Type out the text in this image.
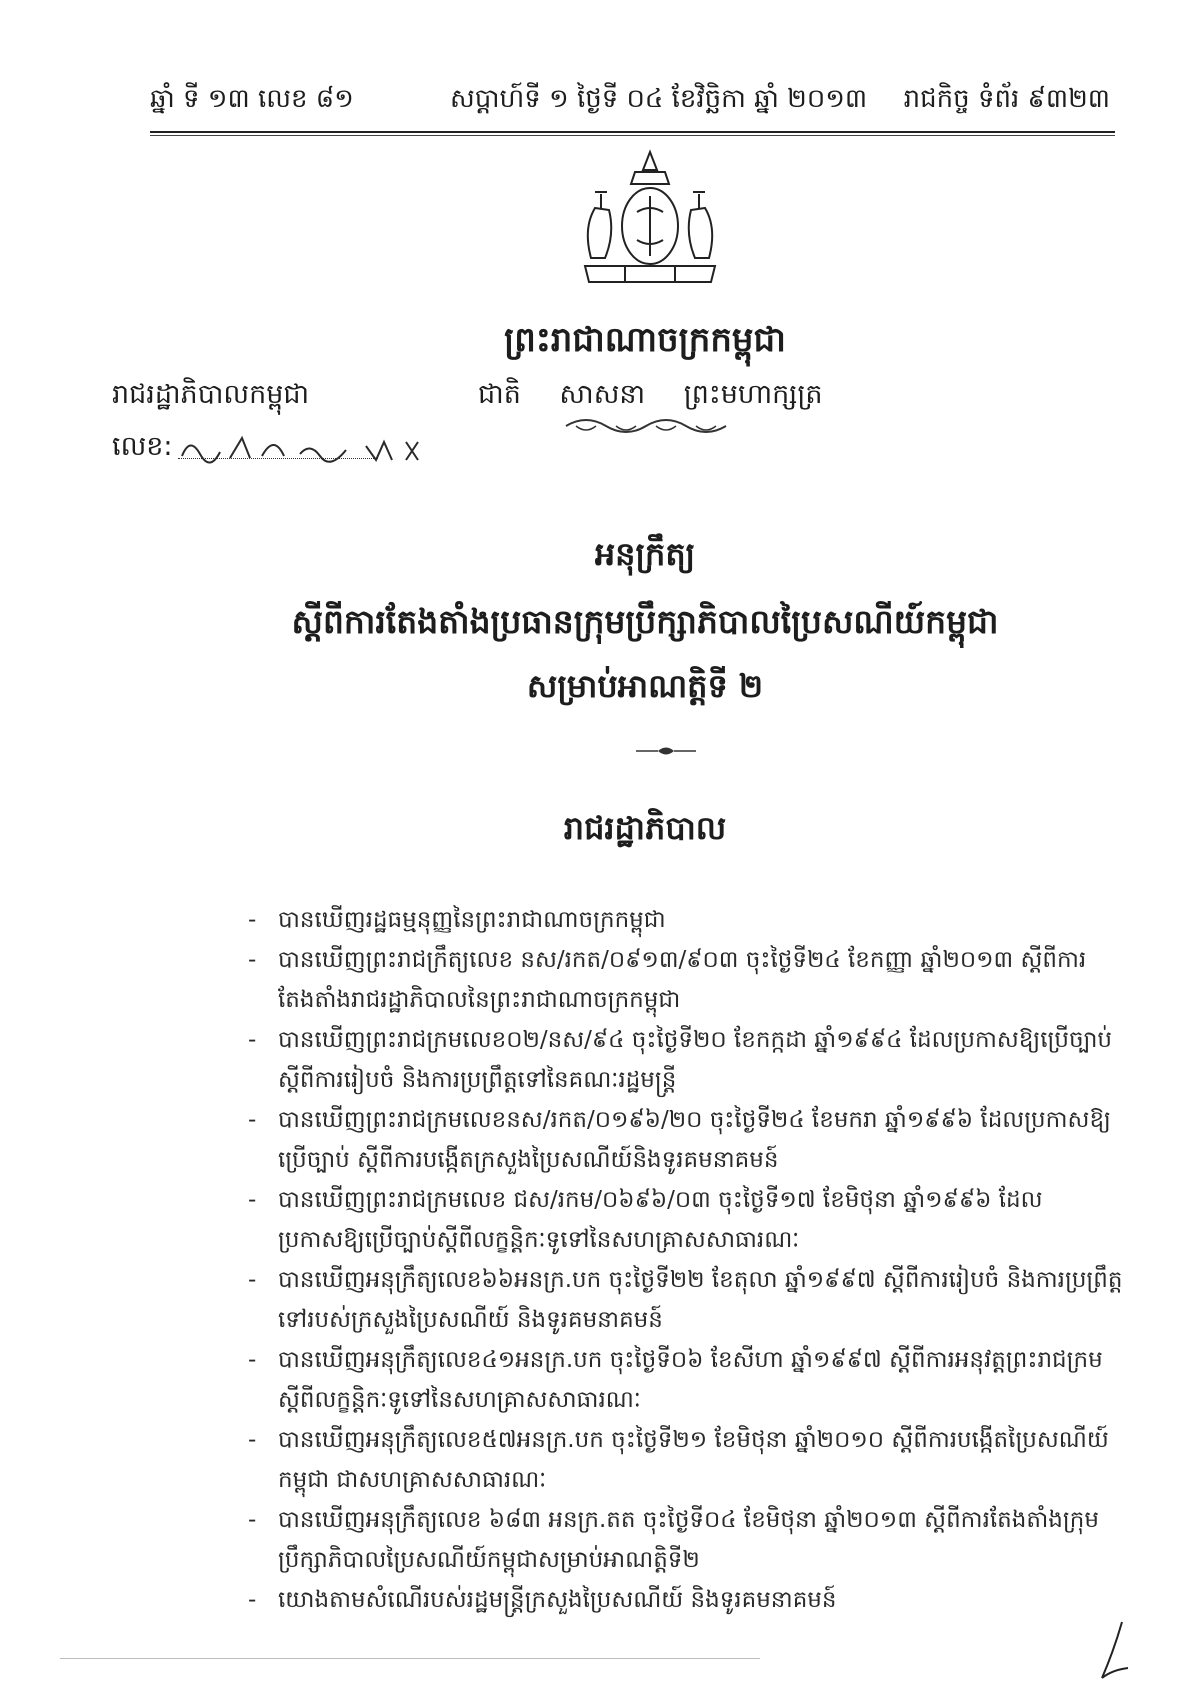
ឆ្នាំ ទី ១៣ លេខ ៨១	សប្តាហ៍ទី ១ ថ្ងៃទី ០៤ ខែវិច្ឆិកា ឆ្នាំ ២០១៣ រាជកិច្ច ទំព័រ ៩៣២៣
ព្រះរាជាណាចក្រកម្ពុជា
រាជរដ្ឋាភិបាលកម្ពុជា	ជាតិ សាសនា ព្រះមហាក្សត្រ
លេខ:
អនុក្រឹត្យ
ស្តីពីការតែងតាំងប្រធានក្រុមប្រឹក្សាភិបាលប្រៃសណីយ៍កម្ពុជា
សម្រាប់អាណត្តិទី ២
រាជរដ្ឋាភិបាល
- បានឃើញរដ្ឋធម្មនុញ្ញនៃព្រះរាជាណាចក្រកម្ពុជា
- បានឃើញព្រះរាជក្រឹត្យលេខ នស/រកត/០៩១៣/៩០៣ ចុះថ្ងៃទី២៤ ខែកញ្ញា ឆ្នាំ២០១៣ ស្តីពីការតែងតាំងរាជរដ្ឋាភិបាលនៃព្រះរាជាណាចក្រកម្ពុជា
- បានឃើញព្រះរាជក្រមលេខ០២/នស/៩៤ ចុះថ្ងៃទី២០ ខែកក្កដា ឆ្នាំ១៩៩៤ ដែលប្រកាសឱ្យប្រើច្បាប់ស្តីពីការរៀបចំ និងការប្រព្រឹត្តទៅនៃគណៈរដ្ឋមន្ត្រី
- បានឃើញព្រះរាជក្រមលេខនស/រកត/០១៩៦/២០ ចុះថ្ងៃទី២៤ ខែមករា ឆ្នាំ១៩៩៦ ដែលប្រកាសឱ្យប្រើច្បាប់ ស្តីពីការបង្កើតក្រសួងប្រៃសណីយ៍និងទូរគមនាគមន៍
- បានឃើញព្រះរាជក្រមលេខ ជស/រកម/០៦៩៦/០៣ ចុះថ្ងៃទី១៧ ខែមិថុនា ឆ្នាំ១៩៩៦ ដែលប្រកាសឱ្យប្រើច្បាប់ស្តីពីលក្ខន្តិកៈទូទៅនៃសហគ្រាសសាធារណៈ
- បានឃើញអនុក្រឹត្យលេខ៦៦អនក្រ.បក ចុះថ្ងៃទី២២ ខែតុលា ឆ្នាំ១៩៩៧ ស្តីពីការរៀបចំ និងការប្រព្រឹត្តទៅរបស់ក្រសួងប្រៃសណីយ៍ និងទូរគមនាគមន៍
- បានឃើញអនុក្រឹត្យលេខ៤១អនក្រ.បក ចុះថ្ងៃទី០៦ ខែសីហា ឆ្នាំ១៩៩៧ ស្តីពីការអនុវត្តព្រះរាជក្រមស្តីពីលក្ខន្តិកៈទូទៅនៃសហគ្រាសសាធារណៈ
- បានឃើញអនុក្រឹត្យលេខ៥៧អនក្រ.បក ចុះថ្ងៃទី២១ ខែមិថុនា ឆ្នាំ២០១០ ស្តីពីការបង្កើតប្រៃសណីយ៍កម្ពុជា ជាសហគ្រាសសាធារណៈ
- បានឃើញអនុក្រឹត្យលេខ ៦៨៣ អនក្រ.តត ចុះថ្ងៃទី០៤ ខែមិថុនា ឆ្នាំ២០១៣ ស្តីពីការតែងតាំងក្រុមប្រឹក្សាភិបាលប្រៃសណីយ៍កម្ពុជាសម្រាប់អាណត្តិទី២
- យោងតាមសំណើរបស់រដ្ឋមន្ត្រីក្រសួងប្រៃសណីយ៍ និងទូរគមនាគមន៍
